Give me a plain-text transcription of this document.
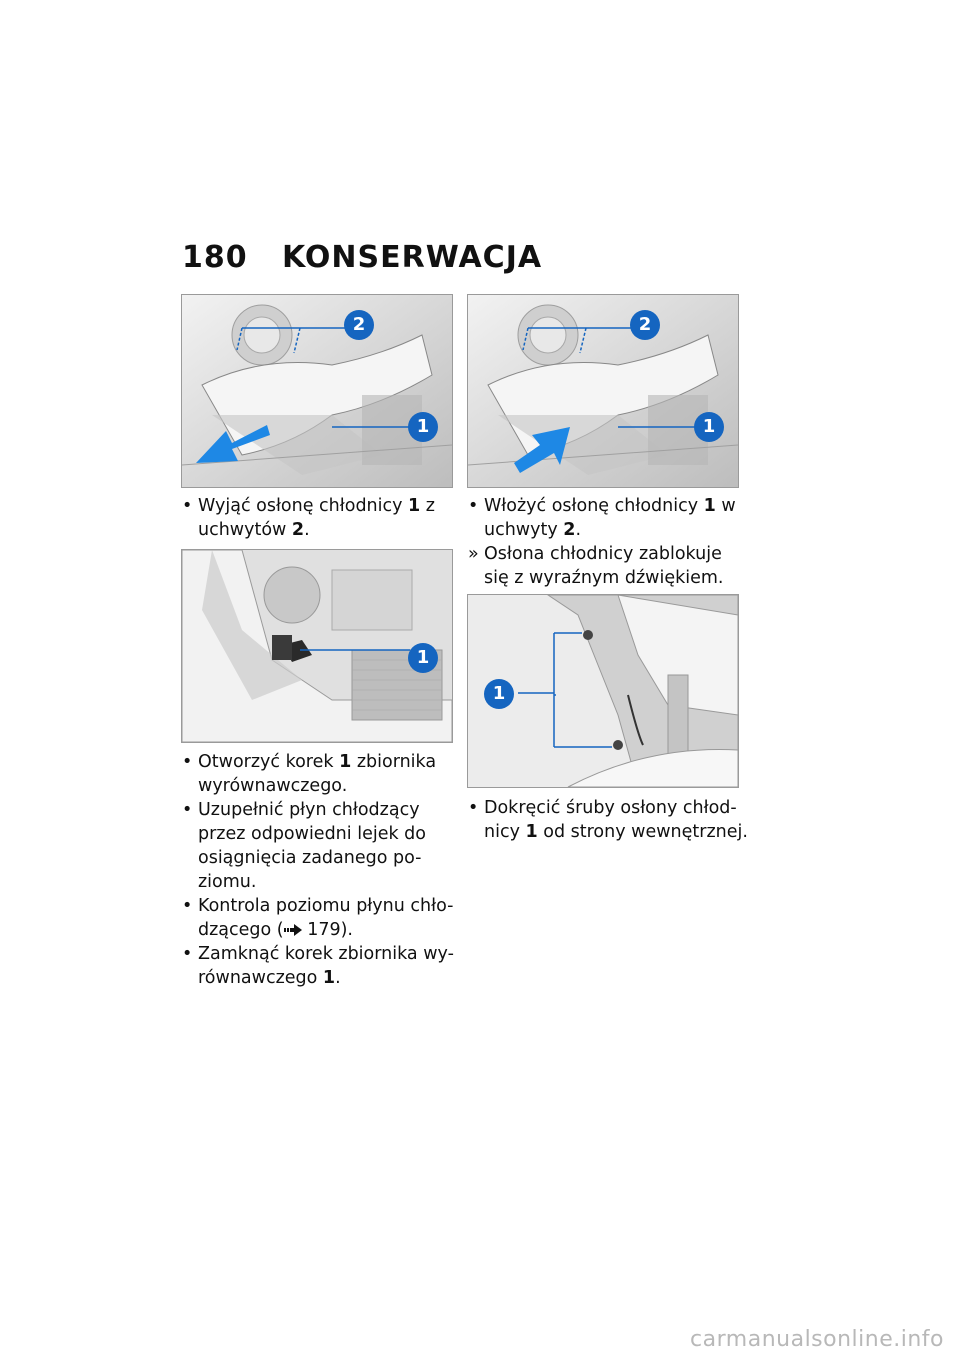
180 KONSERWACJA
2
1
2
1

• Wyjąć osłonę chłodnicy 1 z
uchwytów 2.

• Włożyć osłonę chłodnicy 1 w
uchwyty 2.

» Osłona chłodnicy zablokuje
się z wyraźnym dźwiękiem.

1
1

• Otworzyć korek 1 zbiornika
wyrównawczego.

• Uzupełnić płyn chłodzący
przez odpowiedni lejek do
osiągnięcia zadanego po-
ziomu.

• Kontrola poziomu płynu chło-
dzącego ( 179).

• Zamknąć korek zbiornika wy-
równawczego 1.

• Dokręcić śruby osłony chłod-
nicy 1 od strony wewnętrznej.

carmanualsonline.info
